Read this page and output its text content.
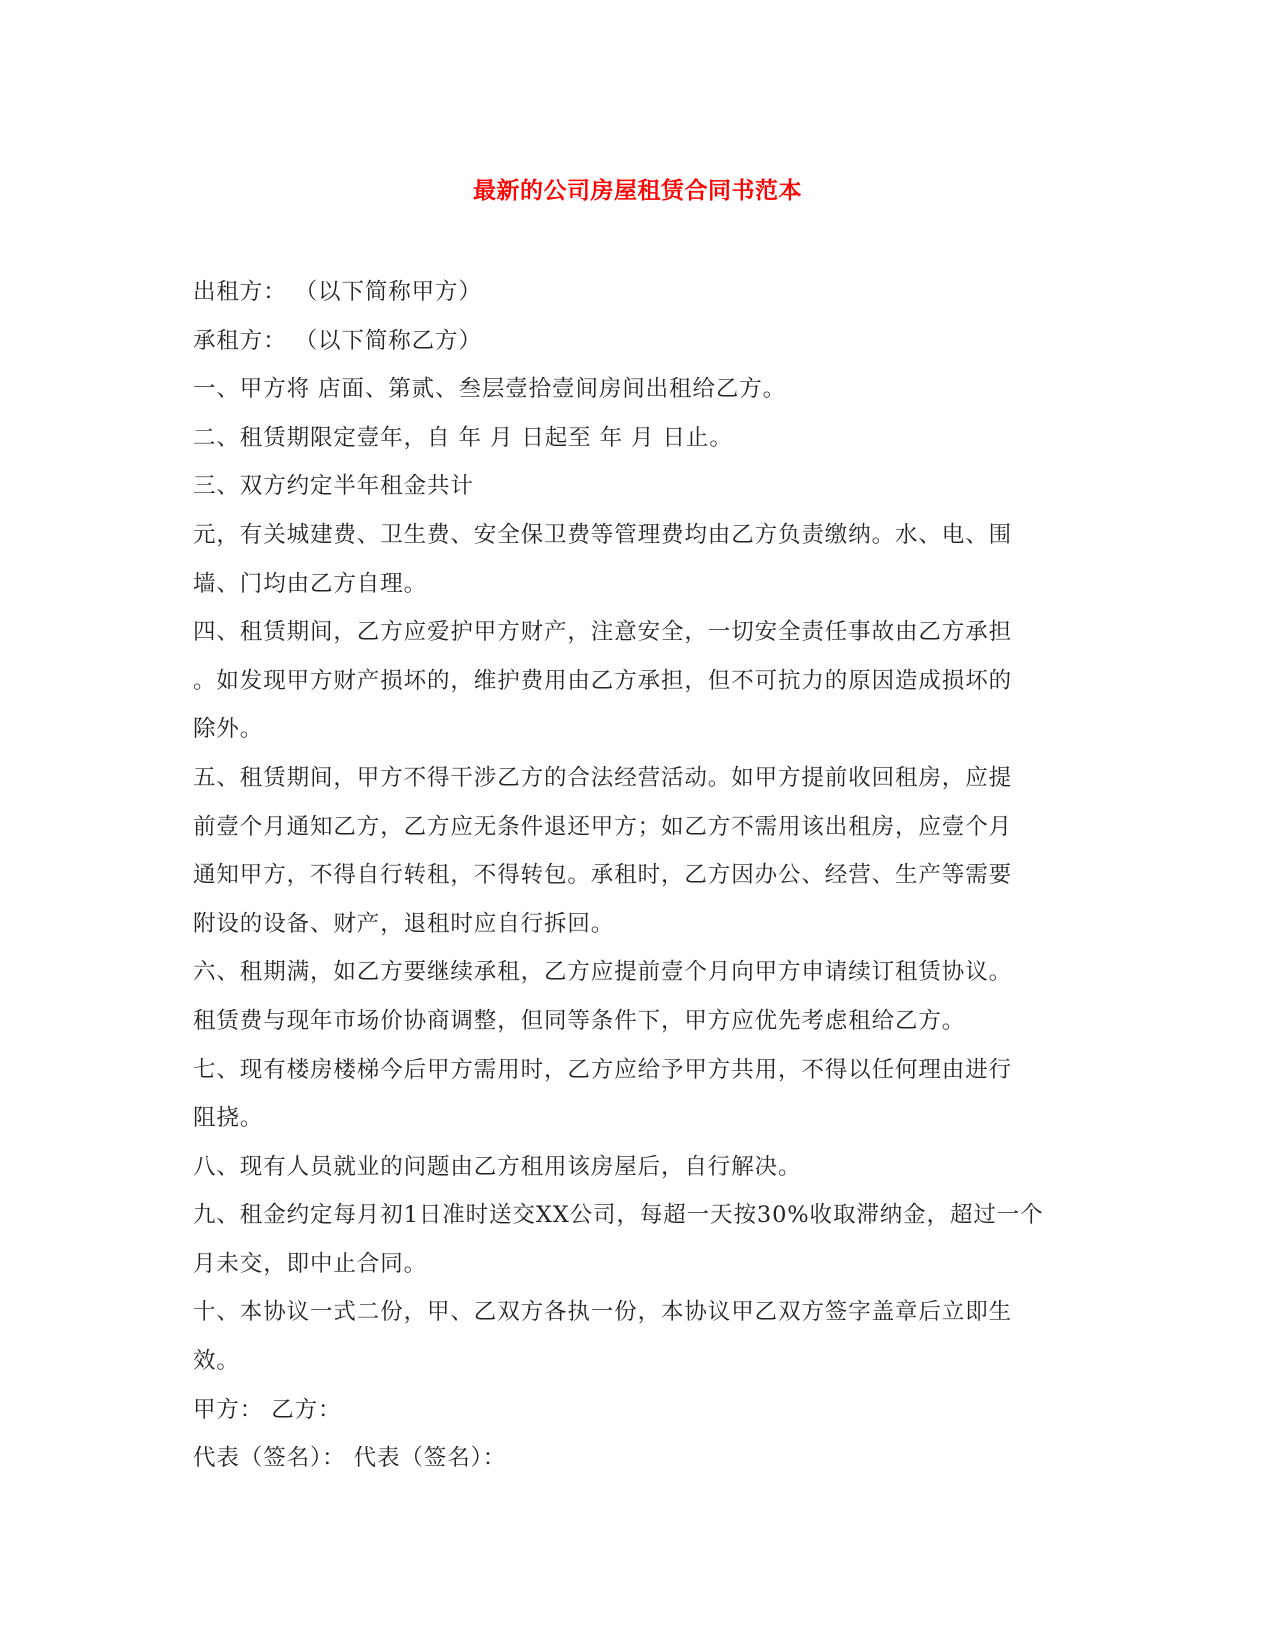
最新的公司房屋租赁合同书范本
出租方： （以下简称甲方）
承租方： （以下简称乙方）
一、甲方将 店面、第贰、叁层壹拾壹间房间出租给乙方。
二、租赁期限定壹年，自 年 月 日起至 年 月 日止。
三、双方约定半年租金共计
元，有关城建费、卫生费、安全保卫费等管理费均由乙方负责缴纳。水、电、围
墙、门均由乙方自理。
四、租赁期间，乙方应爱护甲方财产，注意安全，一切安全责任事故由乙方承担
。如发现甲方财产损坏的，维护费用由乙方承担，但不可抗力的原因造成损坏的
除外。
五、租赁期间，甲方不得干涉乙方的合法经营活动。如甲方提前收回租房，应提
前壹个月通知乙方，乙方应无条件退还甲方；如乙方不需用该出租房，应壹个月
通知甲方，不得自行转租，不得转包。承租时，乙方因办公、经营、生产等需要
附设的设备、财产，退租时应自行拆回。
六、租期满，如乙方要继续承租，乙方应提前壹个月向甲方申请续订租赁协议。
租赁费与现年市场价协商调整，但同等条件下，甲方应优先考虑租给乙方。
七、现有楼房楼梯今后甲方需用时，乙方应给予甲方共用，不得以任何理由进行
阻挠。
八、现有人员就业的问题由乙方租用该房屋后，自行解决。
九、租金约定每月初1日准时送交XX公司，每超一天按30%收取滞纳金，超过一个
月未交，即中止合同。
十、本协议一式二份，甲、乙双方各执一份，本协议甲乙双方签字盖章后立即生
效。
甲方： 乙方：
代表（签名）： 代表（签名）：
